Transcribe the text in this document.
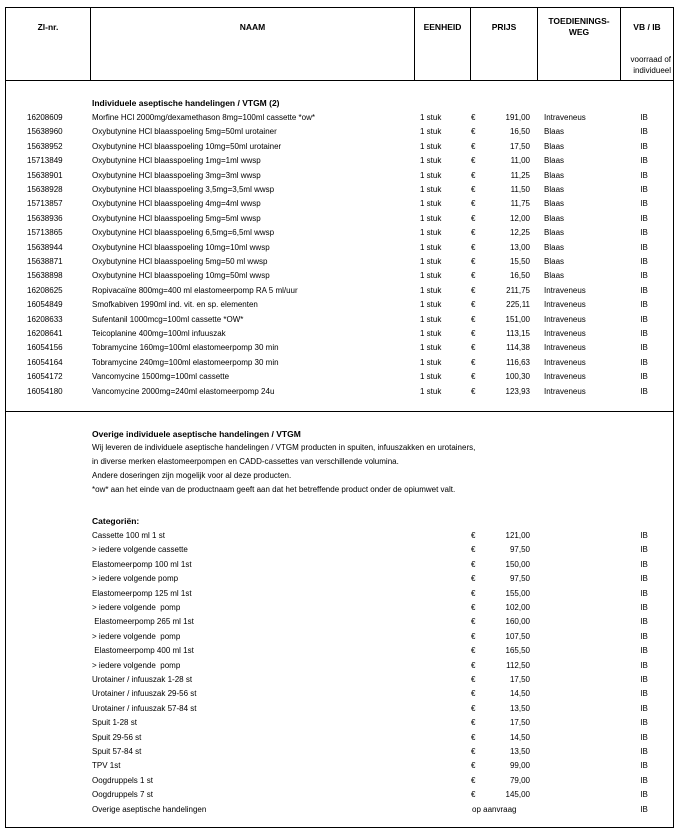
Zl-nr.	NAAM	EENHEID	PRIJS
TOEDIENINGS-
WEG	VB / IB
voorraad of
individueel
Individuele aseptische handelingen / VTGM (2)
16208609	Morfine HCl 2000mg/dexamethason 8mg=100ml cassette *ow*	1 stuk	€	191,00 Intraveneus	IB
15638960	Oxybutynine HCl blaasspoeling 5mg=50ml urotainer	1 stuk	€	16,50 Blaas	IB
15638952	Oxybutynine HCl blaasspoeling 10mg=50ml urotainer	1 stuk	€	17,50 Blaas	IB
15713849	Oxybutynine HCl blaasspoeling 1mg=1ml wwsp	1 stuk	€	11,00 Blaas	IB
15638901	Oxybutynine HCl blaasspoeling 3mg=3ml wwsp	1 stuk	€	11,25 Blaas	IB
15638928	Oxybutynine HCl blaasspoeling 3,5mg=3,5ml wwsp	1 stuk	€	11,50 Blaas	IB
15713857	Oxybutynine HCl blaasspoeling 4mg=4ml wwsp	1 stuk	€	11,75 Blaas	IB
15638936	Oxybutynine HCl blaasspoeling 5mg=5ml wwsp	1 stuk	€	12,00 Blaas	IB
15713865	Oxybutynine HCl blaasspoeling 6,5mg=6,5ml wwsp	1 stuk	€	12,25 Blaas	IB
15638944	Oxybutynine HCl blaasspoeling 10mg=10ml wwsp	1 stuk	€	13,00 Blaas	IB
15638871	Oxybutynine HCl blaasspoeling 5mg=50 ml wwsp	1 stuk	€	15,50 Blaas	IB
15638898	Oxybutynine HCl blaasspoeling 10mg=50ml wwsp	1 stuk	€	16,50 Blaas	IB
16208625	Ropivacaïne 800mg=400 ml elastomeerpomp RA 5 ml/uur	1 stuk	€	211,75 Intraveneus	IB
16054849	Smofkabiven 1990ml ind. vit. en sp. elementen	1 stuk	€	225,11 Intraveneus	IB
16208633	Sufentanil 1000mcg=100ml cassette *OW*	1 stuk	€	151,00 Intraveneus	IB
16208641	Teicoplanine 400mg=100ml infuuszak	1 stuk	€	113,15 Intraveneus	IB
16054156	Tobramycine 160mg=100ml elastomeerpomp 30 min	1 stuk	€	114,38 Intraveneus	IB
16054164	Tobramycine 240mg=100ml elastomeerpomp 30 min	1 stuk	€	116,63 Intraveneus	IB
16054172	Vancomycine 1500mg=100ml cassette	1 stuk	€	100,30 Intraveneus	IB
16054180	Vancomycine 2000mg=240ml elastomeerpomp 24u	1 stuk	€	123,93 Intraveneus	IB
Overige individuele aseptische handelingen / VTGM
Wij leveren de individuele aseptische handelingen / VTGM producten in spuiten, infuuszakken en urotainers,
in diverse merken elastomeerpompen en CADD-cassettes van verschillende volumina.
Andere doseringen zijn mogelijk voor al deze producten.
*ow* aan het einde van de productnaam geeft aan dat het betreffende product onder de opiumwet valt.
Categoriën:
Cassette 100 ml 1 st	€	121,00	IB
> iedere volgende cassette	€	97,50	IB
Elastomeerpomp 100 ml 1st	€	150,00	IB
> iedere volgende pomp	€	97,50	IB
Elastomeerpomp 125 ml 1st	€	155,00	IB
> iedere volgende  pomp	€	102,00	IB
Elastomeerpomp 265 ml 1st	€	160,00	IB
> iedere volgende  pomp	€	107,50	IB
Elastomeerpomp 400 ml 1st	€	165,50	IB
> iedere volgende  pomp	€	112,50	IB
Urotainer / infuuszak 1-28 st	€	17,50	IB
Urotainer / infuuszak 29-56 st	€	14,50	IB
Urotainer / infuuszak 57-84 st	€	13,50	IB
Spuit 1-28 st	€	17,50	IB
Spuit 29-56 st	€	14,50	IB
Spuit 57-84 st	€	13,50	IB
TPV 1st	€	99,00	IB
Oogdruppels 1 st	€	79,00	IB
Oogdruppels 7 st	€	145,00	IB
Overige aseptische handelingen	op aanvraag	IB
